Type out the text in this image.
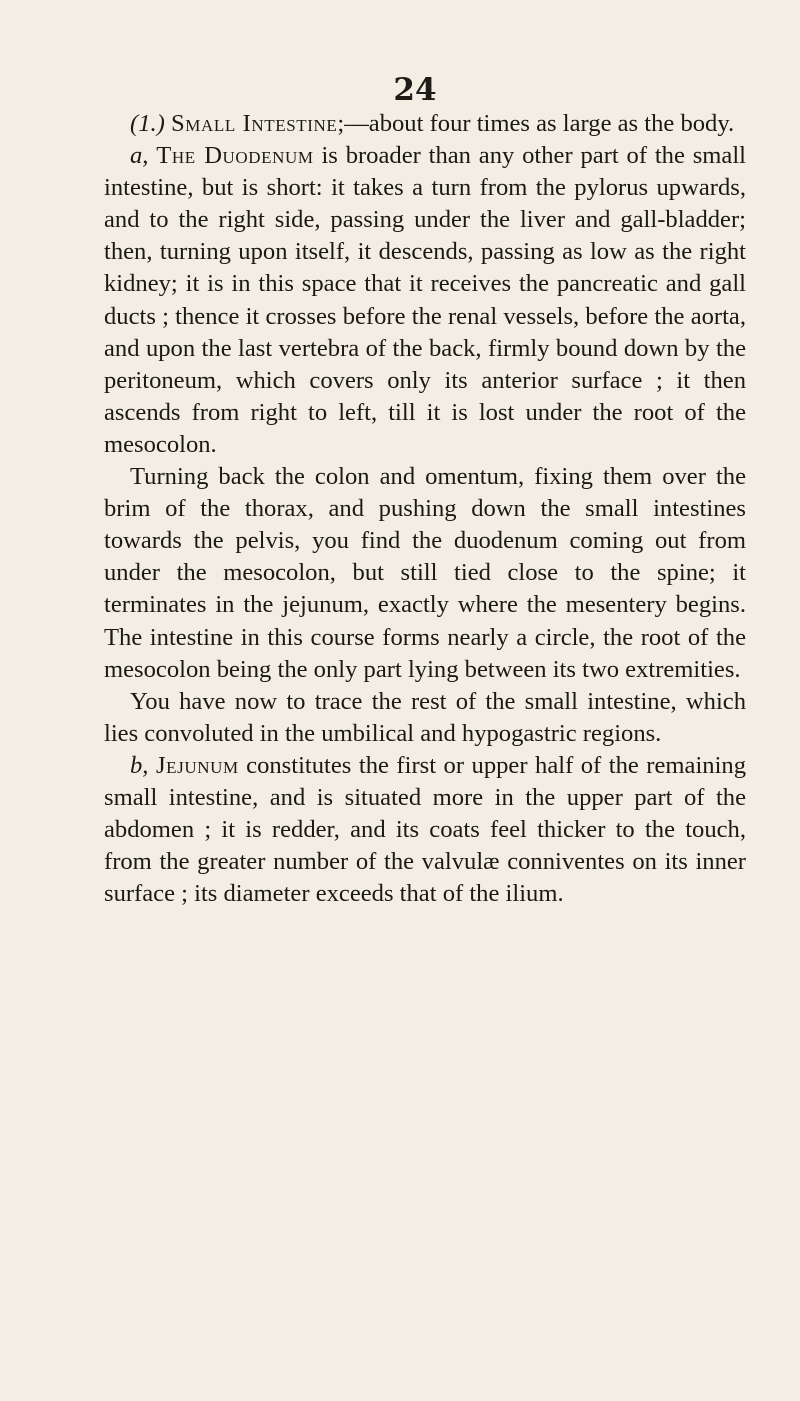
24

(1.) Small Intestine;—about four times as large as the body.

a, The Duodenum is broader than any other part of the small intestine, but is short: it takes a turn from the pylorus upwards, and to the right side, passing under the liver and gall-bladder; then, turning upon itself, it descends, passing as low as the right kidney; it is in this space that it receives the pancreatic and gall ducts ; thence it crosses before the renal vessels, before the aorta, and upon the last vertebra of the back, firmly bound down by the peritoneum, which covers only its anterior surface ; it then ascends from right to left, till it is lost under the root of the mesocolon.

Turning back the colon and omentum, fixing them over the brim of the thorax, and pushing down the small intestines towards the pelvis, you find the duodenum coming out from under the mesocolon, but still tied close to the spine; it terminates in the jejunum, exactly where the mesentery begins. The intestine in this course forms nearly a circle, the root of the mesocolon being the only part lying between its two extremities.

You have now to trace the rest of the small intestine, which lies convoluted in the umbilical and hypogastric regions.

b, Jejunum constitutes the first or upper half of the remaining small intestine, and is situated more in the upper part of the abdomen ; it is redder, and its coats feel thicker to the touch, from the greater number of the valvulæ conniventes on its inner surface ; its diameter exceeds that of the ilium.
